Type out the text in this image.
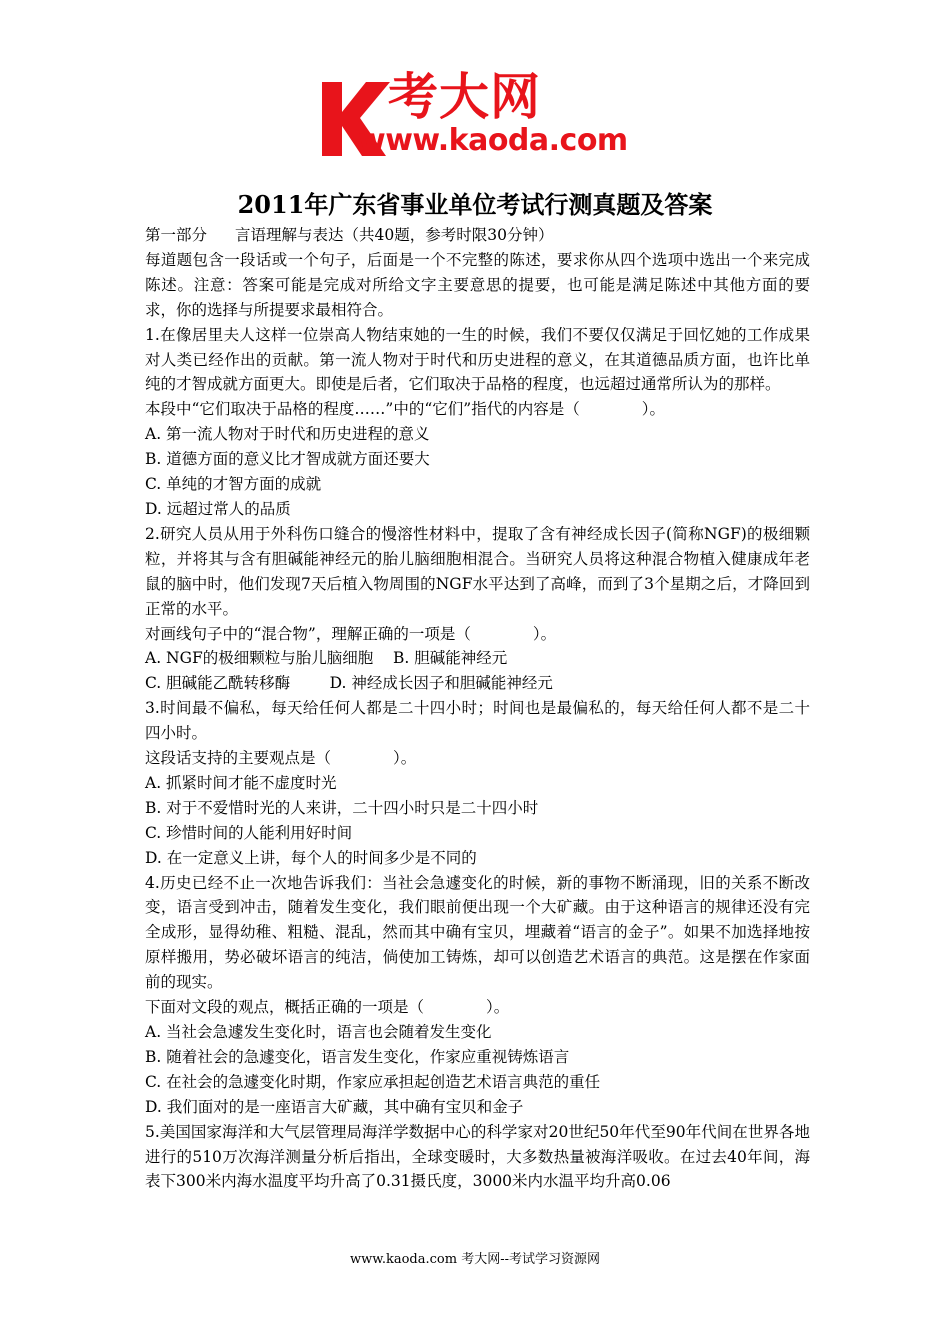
考大网
www.kaoda.com
2011年广东省事业单位考试行测真题及答案

第一部分 言语理解与表达（共40题，参考时限30分钟）

每道题包含一段话或一个句子，后面是一个不完整的陈述，要求你从四个选项中选出一个来完成陈述。注意：答案可能是完成对所给文字主要意思的提要，也可能是满足陈述中其他方面的要求，你的选择与所提要求最相符合。

1.在像居里夫人这样一位崇高人物结束她的一生的时候，我们不要仅仅满足于回忆她的工作成果对人类已经作出的贡献。第一流人物对于时代和历史进程的意义，在其道德品质方面，也许比单纯的才智成就方面更大。即使是后者，它们取决于品格的程度，也远超过通常所认为的那样。

本段中“它们取决于品格的程度……”中的“它们”指代的内容是（　　　　）。

A. 第一流人物对于时代和历史进程的意义

B. 道德方面的意义比才智成就方面还要大

C. 单纯的才智方面的成就

D. 远超过常人的品质

2.研究人员从用于外科伤口缝合的慢溶性材料中，提取了含有神经成长因子(简称NGF)的极细颗粒，并将其与含有胆碱能神经元的胎儿脑细胞相混合。当研究人员将这种混合物植入健康成年老鼠的脑中时，他们发现7天后植入物周围的NGF水平达到了高峰，而到了3个星期之后，才降回到正常的水平。

对画线句子中的“混合物”，理解正确的一项是（　　　　）。

A. NGF的极细颗粒与胎儿脑细胞 B. 胆碱能神经元

C. 胆碱能乙酰转移酶	D. 神经成长因子和胆碱能神经元

3.时间最不偏私，每天给任何人都是二十四小时；时间也是最偏私的，每天给任何人都不是二十四小时。

这段话支持的主要观点是（　　　　）。

A. 抓紧时间才能不虚度时光

B. 对于不爱惜时光的人来讲，二十四小时只是二十四小时

C. 珍惜时间的人能利用好时间

D. 在一定意义上讲，每个人的时间多少是不同的

4.历史已经不止一次地告诉我们：当社会急遽变化的时候，新的事物不断涌现，旧的关系不断改变，语言受到冲击，随着发生变化，我们眼前便出现一个大矿藏。由于这种语言的规律还没有完全成形，显得幼稚、粗糙、混乱，然而其中确有宝贝，埋藏着“语言的金子”。如果不加选择地按原样搬用，势必破坏语言的纯洁，倘使加工铸炼，却可以创造艺术语言的典范。这是摆在作家面前的现实。

下面对文段的观点，概括正确的一项是（　　　　）。

A. 当社会急遽发生变化时，语言也会随着发生变化

B. 随着社会的急遽变化，语言发生变化，作家应重视铸炼语言

C. 在社会的急遽变化时期，作家应承担起创造艺术语言典范的重任

D. 我们面对的是一座语言大矿藏，其中确有宝贝和金子

5.美国国家海洋和大气层管理局海洋学数据中心的科学家对20世纪50年代至90年代间在世界各地进行的510万次海洋测量分析后指出，全球变暖时，大多数热量被海洋吸收。在过去40年间，海表下300米内海水温度平均升高了0.31摄氏度，3000米内水温平均升高0.06

www.kaoda.com 考大网--考试学习资源网
